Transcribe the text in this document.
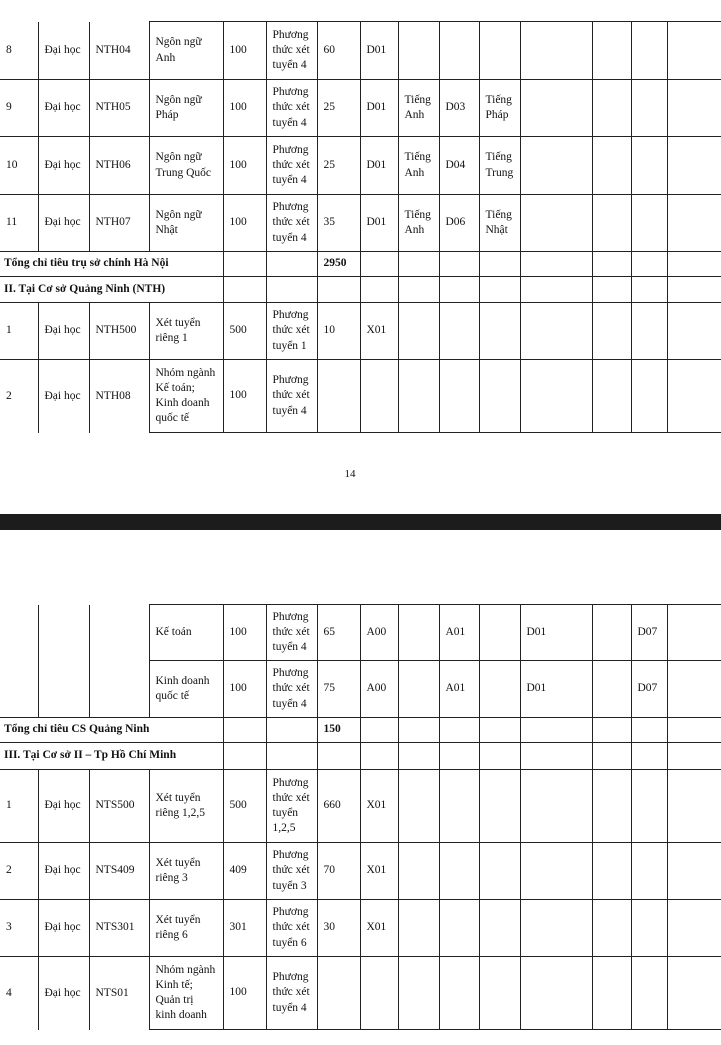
8	Đại học	NTH04	Ngôn ngữ Anh	100	Phương thức xét tuyển 4	60	D01							
9	Đại học	NTH05	Ngôn ngữ Pháp	100	Phương thức xét tuyển 4	25	D01	Tiếng Anh	D03	Tiếng Pháp				
10	Đại học	NTH06	Ngôn ngữ Trung Quốc	100	Phương thức xét tuyển 4	25	D01	Tiếng Anh	D04	Tiếng Trung				
11	Đại học	NTH07	Ngôn ngữ Nhật	100	Phương thức xét tuyển 4	35	D01	Tiếng Anh	D06	Tiếng Nhật				
Tổng chỉ tiêu trụ sở chính Hà Nội						2950								
II. Tại Cơ sở Quảng Ninh (NTH)														
1	Đại học	NTH500	Xét tuyển riêng 1	500	Phương thức xét tuyển 1	10	X01							
2	Đại học	NTH08	Nhóm ngành Kế toán; Kinh doanh quốc tế	100	Phương thức xét tuyển 4									
14
			Kế toán	100	Phương thức xét tuyển 4	65	A00		A01		D01		D07	
			Kinh doanh quốc tế	100	Phương thức xét tuyển 4	75	A00		A01		D01		D07	
Tổng chỉ tiêu CS Quảng Ninh						150								
III. Tại Cơ sở II – Tp Hồ Chí Minh														
1	Đại học	NTS500	Xét tuyển riêng 1,2,5	500	Phương thức xét tuyển 1,2,5	660	X01							
2	Đại học	NTS409	Xét tuyển riêng 3	409	Phương thức xét tuyển 3	70	X01							
3	Đại học	NTS301	Xét tuyển riêng 6	301	Phương thức xét tuyển 6	30	X01							
4	Đại học	NTS01	Nhóm ngành Kinh tế; Quản trị kinh doanh	100	Phương thức xét tuyển 4									
